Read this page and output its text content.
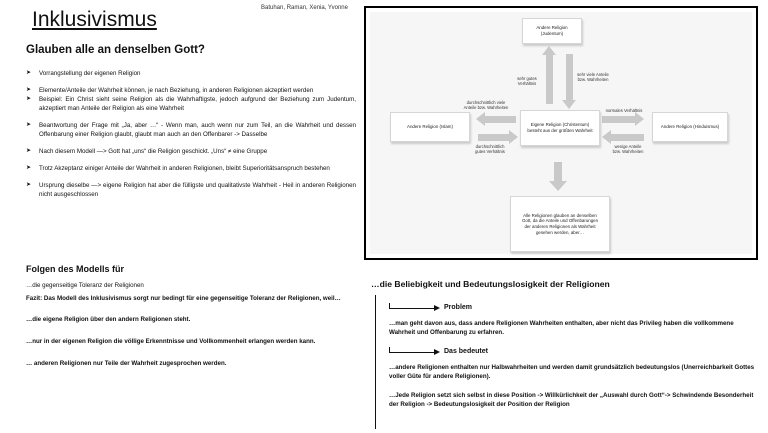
Inklusivismus	Batuhan, Raman, Xenia, Yvonne
Glauben alle an denselben Gott?
➤ Vorrangstellung der eigenen Religion
➤ Elemente/Anteile der Wahrheit können, je nach Beziehung, in anderen Religionen akzeptiert werden
➤ Beispiel: Ein Christ sieht seine Religion als die Wahrhaftigste, jedoch aufgrund der Beziehung zum Judentum, akzeptiert man Anteile der Religion als eine Wahrheit
➤ Beantwortung der Frage mit „Ja, aber …“ - Wenn man, auch wenn nur zum Teil, an die Wahrheit und dessen Offenbarung einer Religion glaubt, glaubt man auch an den Offenbarer -> Dasselbe
➤ Nach diesem Modell —> Gott hat „uns“ die Religion geschickt. „Uns“ ≠ eine Gruppe
➤ Trotz Akzeptanz einiger Anteile der Wahrheit in anderen Religionen, bleibt Superioritätsanspruch bestehen
➤ Ursprung dieselbe —> eigene Religion hat aber die fülligste und qualitativste Wahrheit - Heil in anderen Religionen nicht ausgeschlossen
Folgen des Modells für

…die gegenseitige Toleranz der Religionen

Fazit: Das Modell des Inklusivismus sorgt nur bedingt für eine gegenseitige Toleranz der Religionen, weil…

…die eigene Religion über den andern Religionen steht.

…nur in der eigenen Religion die völlige Erkenntnisse und Vollkommenheit erlangen werden kann.

… anderen Religionen nur Teile der Wahrheit zugesprochen werden.

Andere Religion (Judentum)
Andere Religion (Islam)	Eigene Religion (Christentum) besteht aus der größten Wahrheit
Andere Religion (Hinduismus)
Alle Religionen glauben an denselben Gott, da die Anteile und Offenbarungen der anderen Religionen als Wahrheit gesehen werden, aber…
sehr gutes Verhältnis
sehr viele Anteile bzw. Wahrheiten
durchschnittlich viele Anteile bzw. Wahrheiten
durchschnittlich gutes Verhältnis
normales Verhältnis
wenige Anteile bzw. Wahrheiten
…die Beliebigkeit und Bedeutungslosigkeit der Religionen
Problem
…man geht davon aus, dass andere Religionen Wahrheiten enthalten, aber nicht das Privileg haben die vollkommene Wahrheit und Offenbarung zu erfahren.
Das bedeutet
…andere Religionen enthalten nur Halbwahrheiten und werden damit grundsätzlich bedeutungslos (Unerreichbarkeit Gottes voller Güte für andere Religionen).
…Jede Religion setzt sich selbst in diese Position -> Willkürlichkeit der „Auswahl durch Gott“-> Schwindende Besonderheit der Religion -> Bedeutungslosigkeit der Position der Religion
